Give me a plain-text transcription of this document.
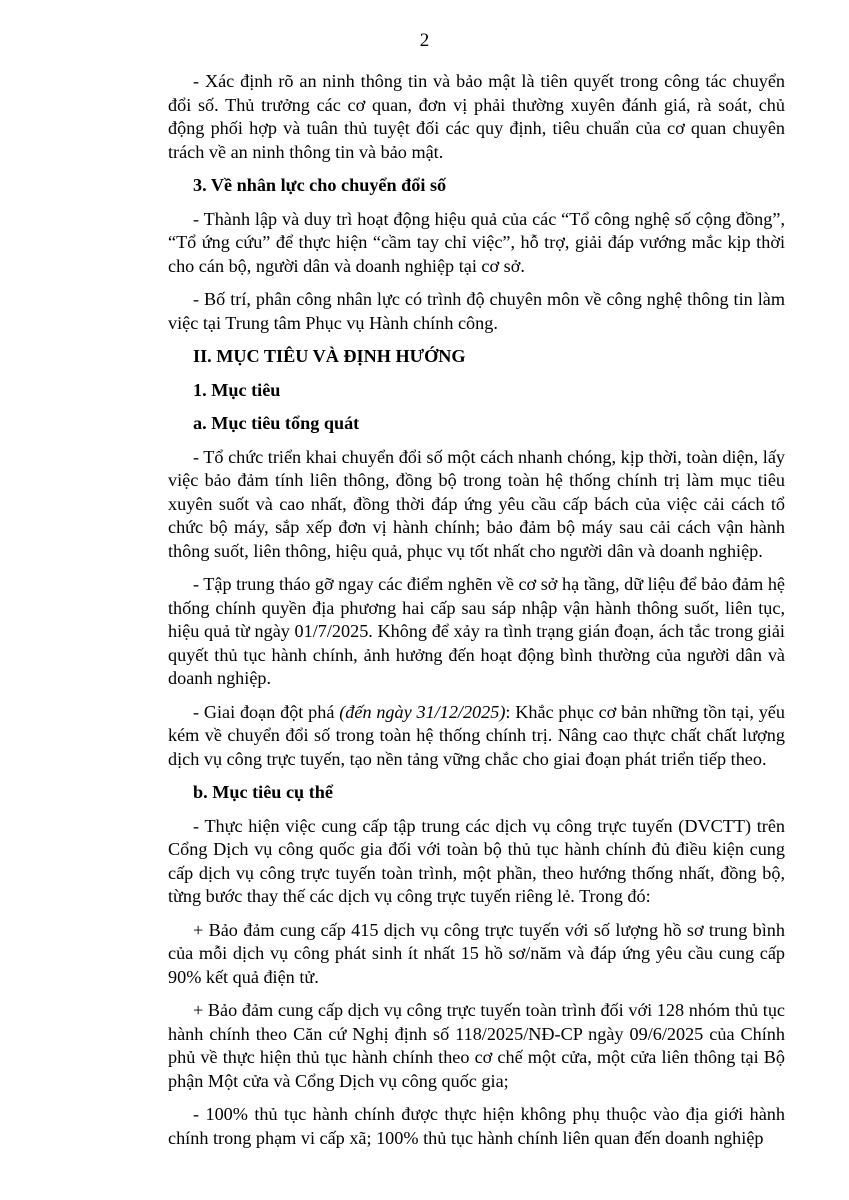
2

- Xác định rõ an ninh thông tin và bảo mật là tiên quyết trong công tác chuyển đổi số. Thủ trưởng các cơ quan, đơn vị phải thường xuyên đánh giá, rà soát, chủ động phối hợp và tuân thủ tuyệt đối các quy định, tiêu chuẩn của cơ quan chuyên trách về an ninh thông tin và bảo mật.

3. Về nhân lực cho chuyển đổi số

- Thành lập và duy trì hoạt động hiệu quả của các “Tổ công nghệ số cộng đồng”, “Tổ ứng cứu” để thực hiện “cầm tay chỉ việc”, hỗ trợ, giải đáp vướng mắc kịp thời cho cán bộ, người dân và doanh nghiệp tại cơ sở.

- Bố trí, phân công nhân lực có trình độ chuyên môn về công nghệ thông tin làm việc tại Trung tâm Phục vụ Hành chính công.

II. MỤC TIÊU VÀ ĐỊNH HƯỚNG

1. Mục tiêu

a. Mục tiêu tổng quát

- Tổ chức triển khai chuyển đổi số một cách nhanh chóng, kịp thời, toàn diện, lấy việc bảo đảm tính liên thông, đồng bộ trong toàn hệ thống chính trị làm mục tiêu xuyên suốt và cao nhất, đồng thời đáp ứng yêu cầu cấp bách của việc cải cách tổ chức bộ máy, sắp xếp đơn vị hành chính; bảo đảm bộ máy sau cải cách vận hành thông suốt, liên thông, hiệu quả, phục vụ tốt nhất cho người dân và doanh nghiệp.

- Tập trung tháo gỡ ngay các điểm nghẽn về cơ sở hạ tầng, dữ liệu để bảo đảm hệ thống chính quyền địa phương hai cấp sau sáp nhập vận hành thông suốt, liên tục, hiệu quả từ ngày 01/7/2025. Không để xảy ra tình trạng gián đoạn, ách tắc trong giải quyết thủ tục hành chính, ảnh hưởng đến hoạt động bình thường của người dân và doanh nghiệp.

- Giai đoạn đột phá (đến ngày 31/12/2025): Khắc phục cơ bản những tồn tại, yếu kém về chuyển đổi số trong toàn hệ thống chính trị. Nâng cao thực chất chất lượng dịch vụ công trực tuyến, tạo nền tảng vững chắc cho giai đoạn phát triển tiếp theo.

b. Mục tiêu cụ thể

- Thực hiện việc cung cấp tập trung các dịch vụ công trực tuyến (DVCTT) trên Cổng Dịch vụ công quốc gia đối với toàn bộ thủ tục hành chính đủ điều kiện cung cấp dịch vụ công trực tuyến toàn trình, một phần, theo hướng thống nhất, đồng bộ, từng bước thay thế các dịch vụ công trực tuyến riêng lẻ. Trong đó:

+ Bảo đảm cung cấp 415 dịch vụ công trực tuyến với số lượng hồ sơ trung bình của mỗi dịch vụ công phát sinh ít nhất 15 hồ sơ/năm và đáp ứng yêu cầu cung cấp 90% kết quả điện tử.

+ Bảo đảm cung cấp dịch vụ công trực tuyến toàn trình đối với 128 nhóm thủ tục hành chính theo Căn cứ Nghị định số 118/2025/NĐ-CP ngày 09/6/2025 của Chính phủ về thực hiện thủ tục hành chính theo cơ chế một cửa, một cửa liên thông tại Bộ phận Một cửa và Cổng Dịch vụ công quốc gia;

- 100% thủ tục hành chính được thực hiện không phụ thuộc vào địa giới hành chính trong phạm vi cấp xã; 100% thủ tục hành chính liên quan đến doanh nghiệp
